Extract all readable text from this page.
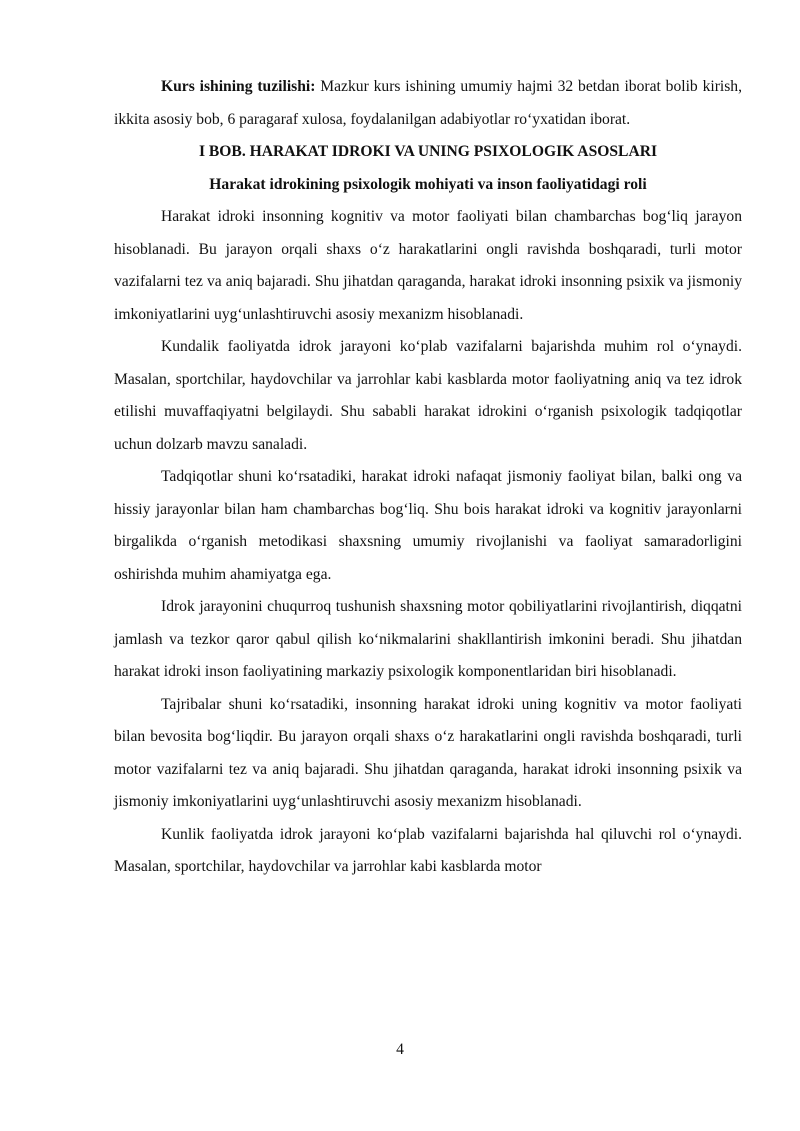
Kurs ishining tuzilishi: Mazkur kurs ishining umumiy hajmi 32 betdan iborat bolib kirish, ikkita asosiy bob, 6 paragaraf xulosa, foydalanilgan adabiyotlar ro‘yxatidan iborat.

I BOB. HARAKAT IDROKI VA UNING PSIXOLOGIK ASOSLARI

Harakat idrokining psixologik mohiyati va inson faoliyatidagi roli

Harakat idroki insonning kognitiv va motor faoliyati bilan chambarchas bog‘liq jarayon hisoblanadi. Bu jarayon orqali shaxs o‘z harakatlarini ongli ravishda boshqaradi, turli motor vazifalarni tez va aniq bajaradi. Shu jihatdan qaraganda, harakat idroki insonning psixik va jismoniy imkoniyatlarini uyg‘unlashtiruvchi asosiy mexanizm hisoblanadi.

Kundalik faoliyatda idrok jarayoni ko‘plab vazifalarni bajarishda muhim rol o‘ynaydi. Masalan, sportchilar, haydovchilar va jarrohlar kabi kasblarda motor faoliyatning aniq va tez idrok etilishi muvaffaqiyatni belgilaydi. Shu sababli harakat idrokini o‘rganish psixologik tadqiqotlar uchun dolzarb mavzu sanaladi.

Tadqiqotlar shuni ko‘rsatadiki, harakat idroki nafaqat jismoniy faoliyat bilan, balki ong va hissiy jarayonlar bilan ham chambarchas bog‘liq. Shu bois harakat idroki va kognitiv jarayonlarni birgalikda o‘rganish metodikasi shaxsning umumiy rivojlanishi va faoliyat samaradorligini oshirishda muhim ahamiyatga ega.

Idrok jarayonini chuqurroq tushunish shaxsning motor qobiliyatlarini rivojlantirish, diqqatni jamlash va tezkor qaror qabul qilish ko‘nikmalarini shakllantirish imkonini beradi. Shu jihatdan harakat idroki inson faoliyatining markaziy psixologik komponentlaridan biri hisoblanadi.

Tajribalar shuni ko‘rsatadiki, insonning harakat idroki uning kognitiv va motor faoliyati bilan bevosita bog‘liqdir. Bu jarayon orqali shaxs o‘z harakatlarini ongli ravishda boshqaradi, turli motor vazifalarni tez va aniq bajaradi. Shu jihatdan qaraganda, harakat idroki insonning psixik va jismoniy imkoniyatlarini uyg‘unlashtiruvchi asosiy mexanizm hisoblanadi.

Kunlik faoliyatda idrok jarayoni ko‘plab vazifalarni bajarishda hal qiluvchi rol o‘ynaydi. Masalan, sportchilar, haydovchilar va jarrohlar kabi kasblarda motor

4
